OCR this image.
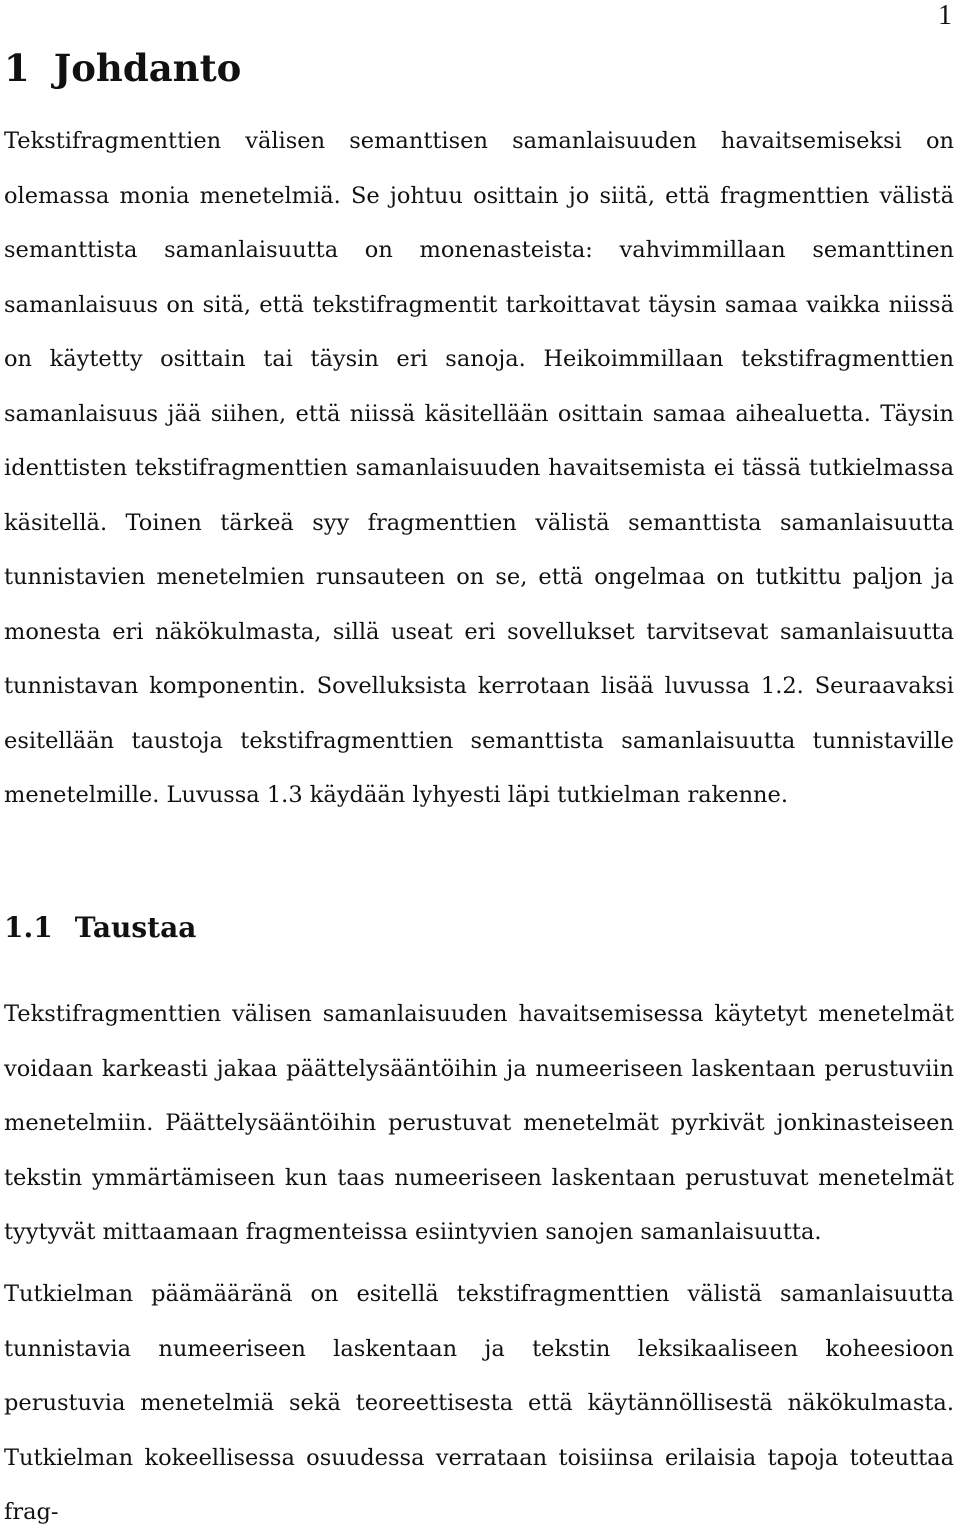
1
1 Johdanto

Tekstifragmenttien välisen semanttisen samanlaisuuden havaitsemiseksi on olemassa monia menetelmiä. Se johtuu osittain jo siitä, että fragmenttien välistä semanttista samanlaisuutta on monenasteista: vahvimmillaan semanttinen samanlaisuus on sitä, että tekstifragmentit tarkoittavat täysin samaa vaikka niissä on käytetty osittain tai täysin eri sanoja. Heikoimmillaan tekstifragmenttien samanlaisuus jää siihen, että niissä käsitellään osittain samaa aihealuetta. Täysin identtisten tekstifragmenttien samanlaisuuden havaitsemista ei tässä tutkielmassa käsitellä. Toinen tärkeä syy fragmenttien välistä semanttista samanlaisuutta tunnistavien menetelmien runsauteen on se, että ongelmaa on tutkittu paljon ja monesta eri näkökulmasta, sillä useat eri sovellukset tarvitsevat samanlaisuutta tunnistavan komponentin. Sovelluksista kerrotaan lisää luvussa 1.2. Seuraavaksi esitellään taustoja tekstifragmenttien semanttista samanlaisuutta tunnistaville menetelmille. Luvussa 1.3 käydään lyhyesti läpi tutkielman rakenne.

1.1 Taustaa

Tekstifragmenttien välisen samanlaisuuden havaitsemisessa käytetyt menetelmät voidaan karkeasti jakaa päättelysääntöihin ja numeeriseen laskentaan perustuviin menetelmiin. Päättelysääntöihin perustuvat menetelmät pyrkivät jonkinasteiseen tekstin ymmärtämiseen kun taas numeeriseen laskentaan perustuvat menetelmät tyytyvät mittaamaan fragmenteissa esiintyvien sanojen samanlaisuutta.

Tutkielman päämääränä on esitellä tekstifragmenttien välistä samanlaisuutta tunnistavia numeeriseen laskentaan ja tekstin leksikaaliseen koheesioon perustuvia menetelmiä sekä teoreettisesta että käytännöllisestä näkökulmasta. Tutkielman kokeellisessa osuudessa verrataan toisiinsa erilaisia tapoja toteuttaa frag-
